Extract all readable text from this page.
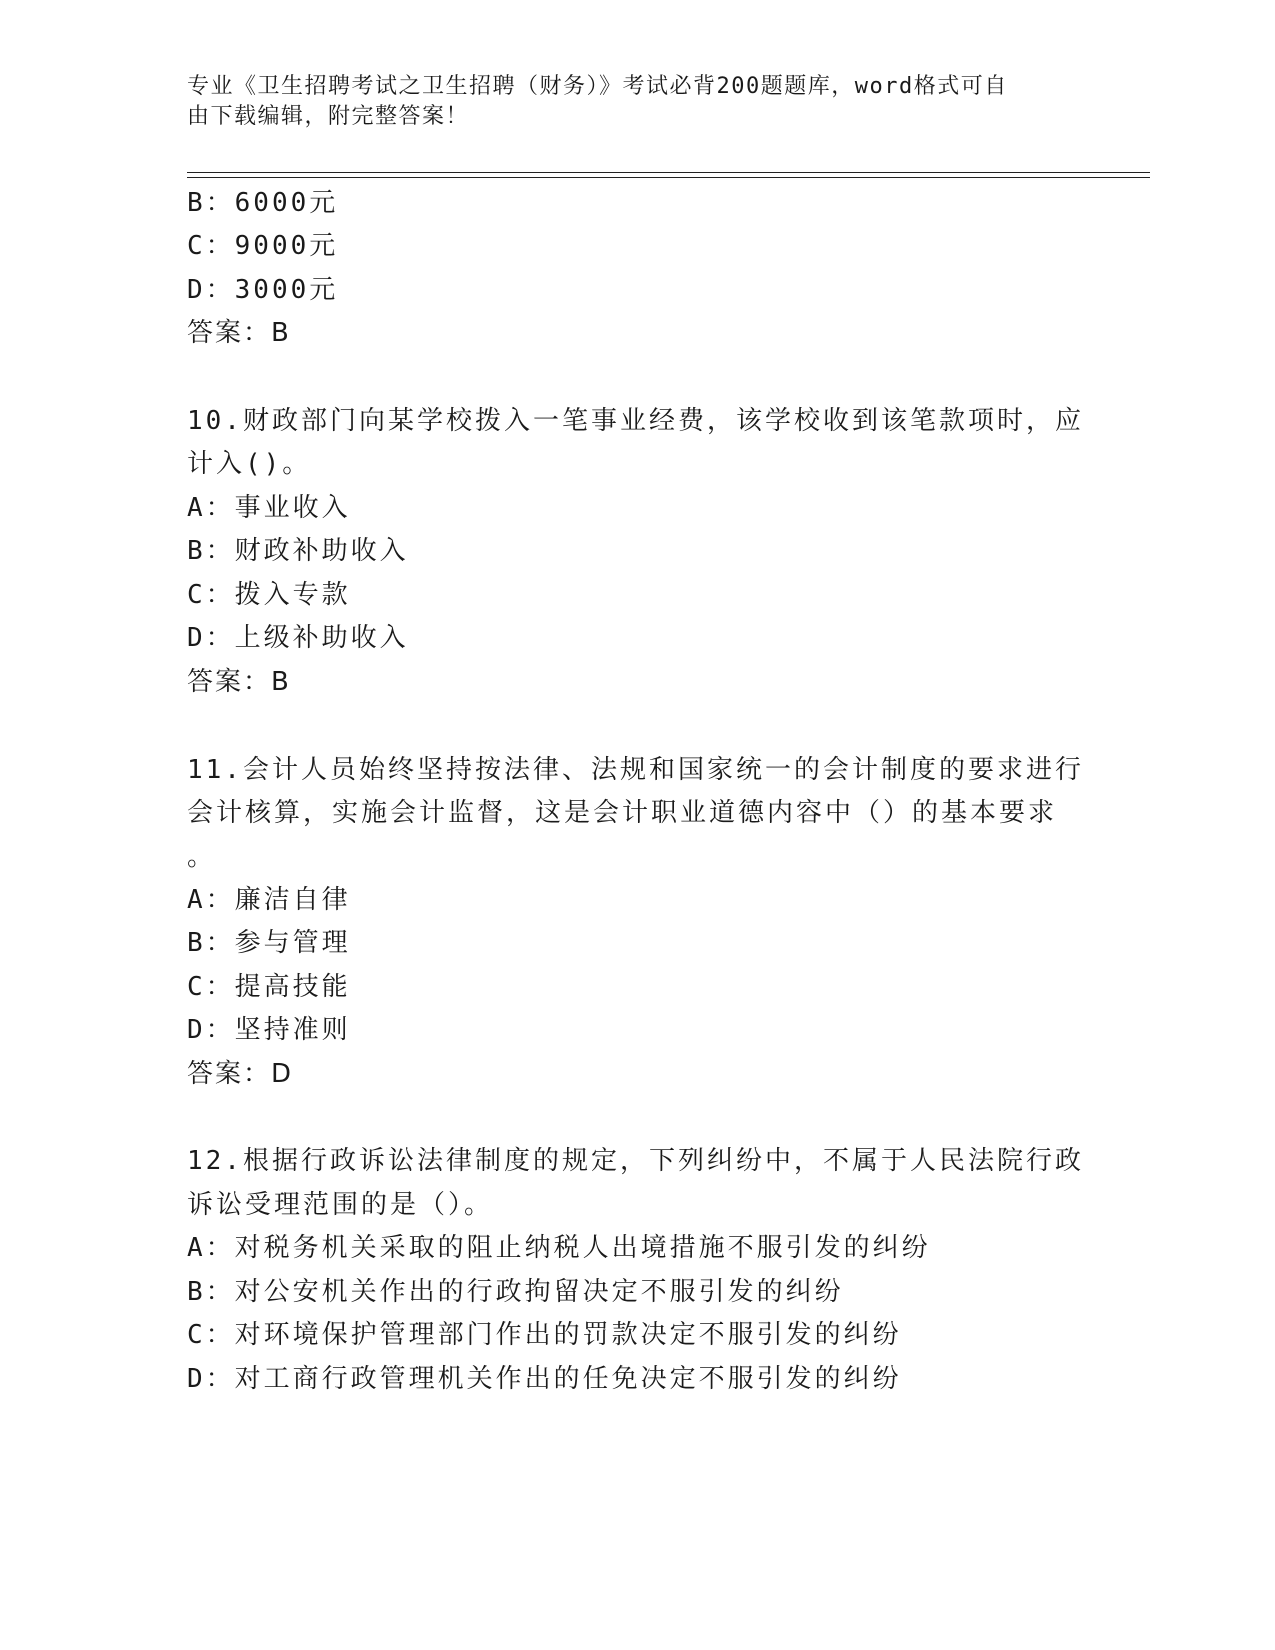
专业《卫生招聘考试之卫生招聘（财务）》考试必背200题题库，word格式可自
由下载编辑，附完整答案！
B：6000元
C：9000元
D：3000元
答案：B
10.财政部门向某学校拨入一笔事业经费，该学校收到该笔款项时，应
计入()。
A：事业收入
B：财政补助收入
C：拨入专款
D：上级补助收入
答案：B
11.会计人员始终坚持按法律、法规和国家统一的会计制度的要求进行
会计核算，实施会计监督，这是会计职业道德内容中（）的基本要求
。
A：廉洁自律
B：参与管理
C：提高技能
D：坚持准则
答案：D
12.根据行政诉讼法律制度的规定，下列纠纷中，不属于人民法院行政
诉讼受理范围的是（）。
A：对税务机关采取的阻止纳税人出境措施不服引发的纠纷
B：对公安机关作出的行政拘留决定不服引发的纠纷
C：对环境保护管理部门作出的罚款决定不服引发的纠纷
D：对工商行政管理机关作出的任免决定不服引发的纠纷
